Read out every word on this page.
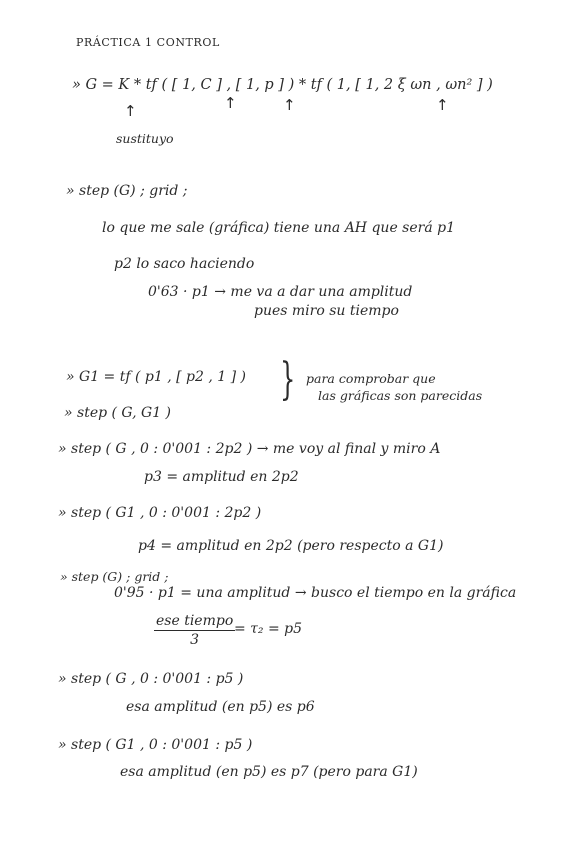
PRÁCTICA 1 CONTROL
» G = K * tf ( [ 1, C ] , [ 1, p ] ) * tf ( 1, [ 1, 2 ξ ωn , ωn² ] )
↑	↑	↑	↑
sustituyo
» step (G) ; grid ;
lo que me sale (gráfica) tiene una AH que será p1
p2 lo saco haciendo
0'63 · p1 → me va a dar una amplitud
pues miro su tiempo
» G1 = tf ( p1 , [ p2 , 1 ] )
» step ( G, G1 )
} para comprobar que
las gráficas son parecidas
» step ( G , 0 : 0'001 : 2p2 ) → me voy al final y miro A
p3 = amplitud en 2p2
» step ( G1 , 0 : 0'001 : 2p2 )
p4 = amplitud en 2p2 (pero respecto a G1)
» step (G) ; grid ;
0'95 · p1 = una amplitud → busco el tiempo en la gráfica
ese tiempo
3
= τ₂ = p5
» step ( G , 0 : 0'001 : p5 )
esa amplitud (en p5) es p6
» step ( G1 , 0 : 0'001 : p5 )
esa amplitud (en p5) es p7 (pero para G1)
